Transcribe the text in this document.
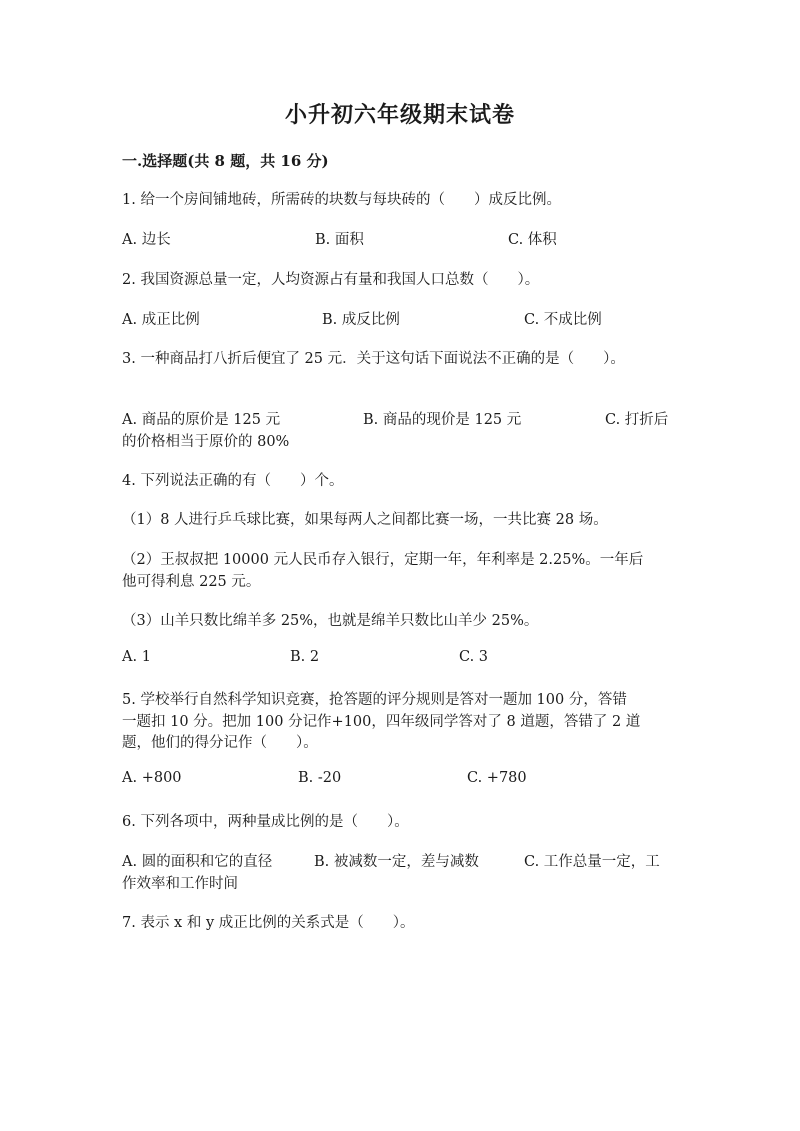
小升初六年级期末试卷
一.选择题(共 8 题，共 16 分)
1. 给一个房间铺地砖，所需砖的块数与每块砖的（　　）成反比例。
A. 边长	B. 面积	C. 体积
2. 我国资源总量一定，人均资源占有量和我国人口总数（　　）。
A. 成正比例	B. 成反比例	C. 不成比例
3. 一种商品打八折后便宜了 25 元．关于这句话下面说法不正确的是（　　）。
A. 商品的原价是 125 元	B. 商品的现价是 125 元	C. 打折后
的价格相当于原价的 80%
4. 下列说法正确的有（　　）个。
（1）8 人进行乒乓球比赛，如果每两人之间都比赛一场，一共比赛 28 场。
（2）王叔叔把 10000 元人民币存入银行，定期一年，年利率是 2.25%。一年后
他可得利息 225 元。
（3）山羊只数比绵羊多 25%，也就是绵羊只数比山羊少 25%。
A. 1	B. 2	C. 3
5. 学校举行自然科学知识竞赛，抢答题的评分规则是答对一题加 100 分，答错
一题扣 10 分。把加 100 分记作+100，四年级同学答对了 8 道题，答错了 2 道
题，他们的得分记作（　　）。
A. +800	B. -20	C. +780
6. 下列各项中，两种量成比例的是（　　）。
A. 圆的面积和它的直径	B. 被减数一定，差与减数	C. 工作总量一定，工
作效率和工作时间
7. 表示 x 和 y 成正比例的关系式是（　　）。
